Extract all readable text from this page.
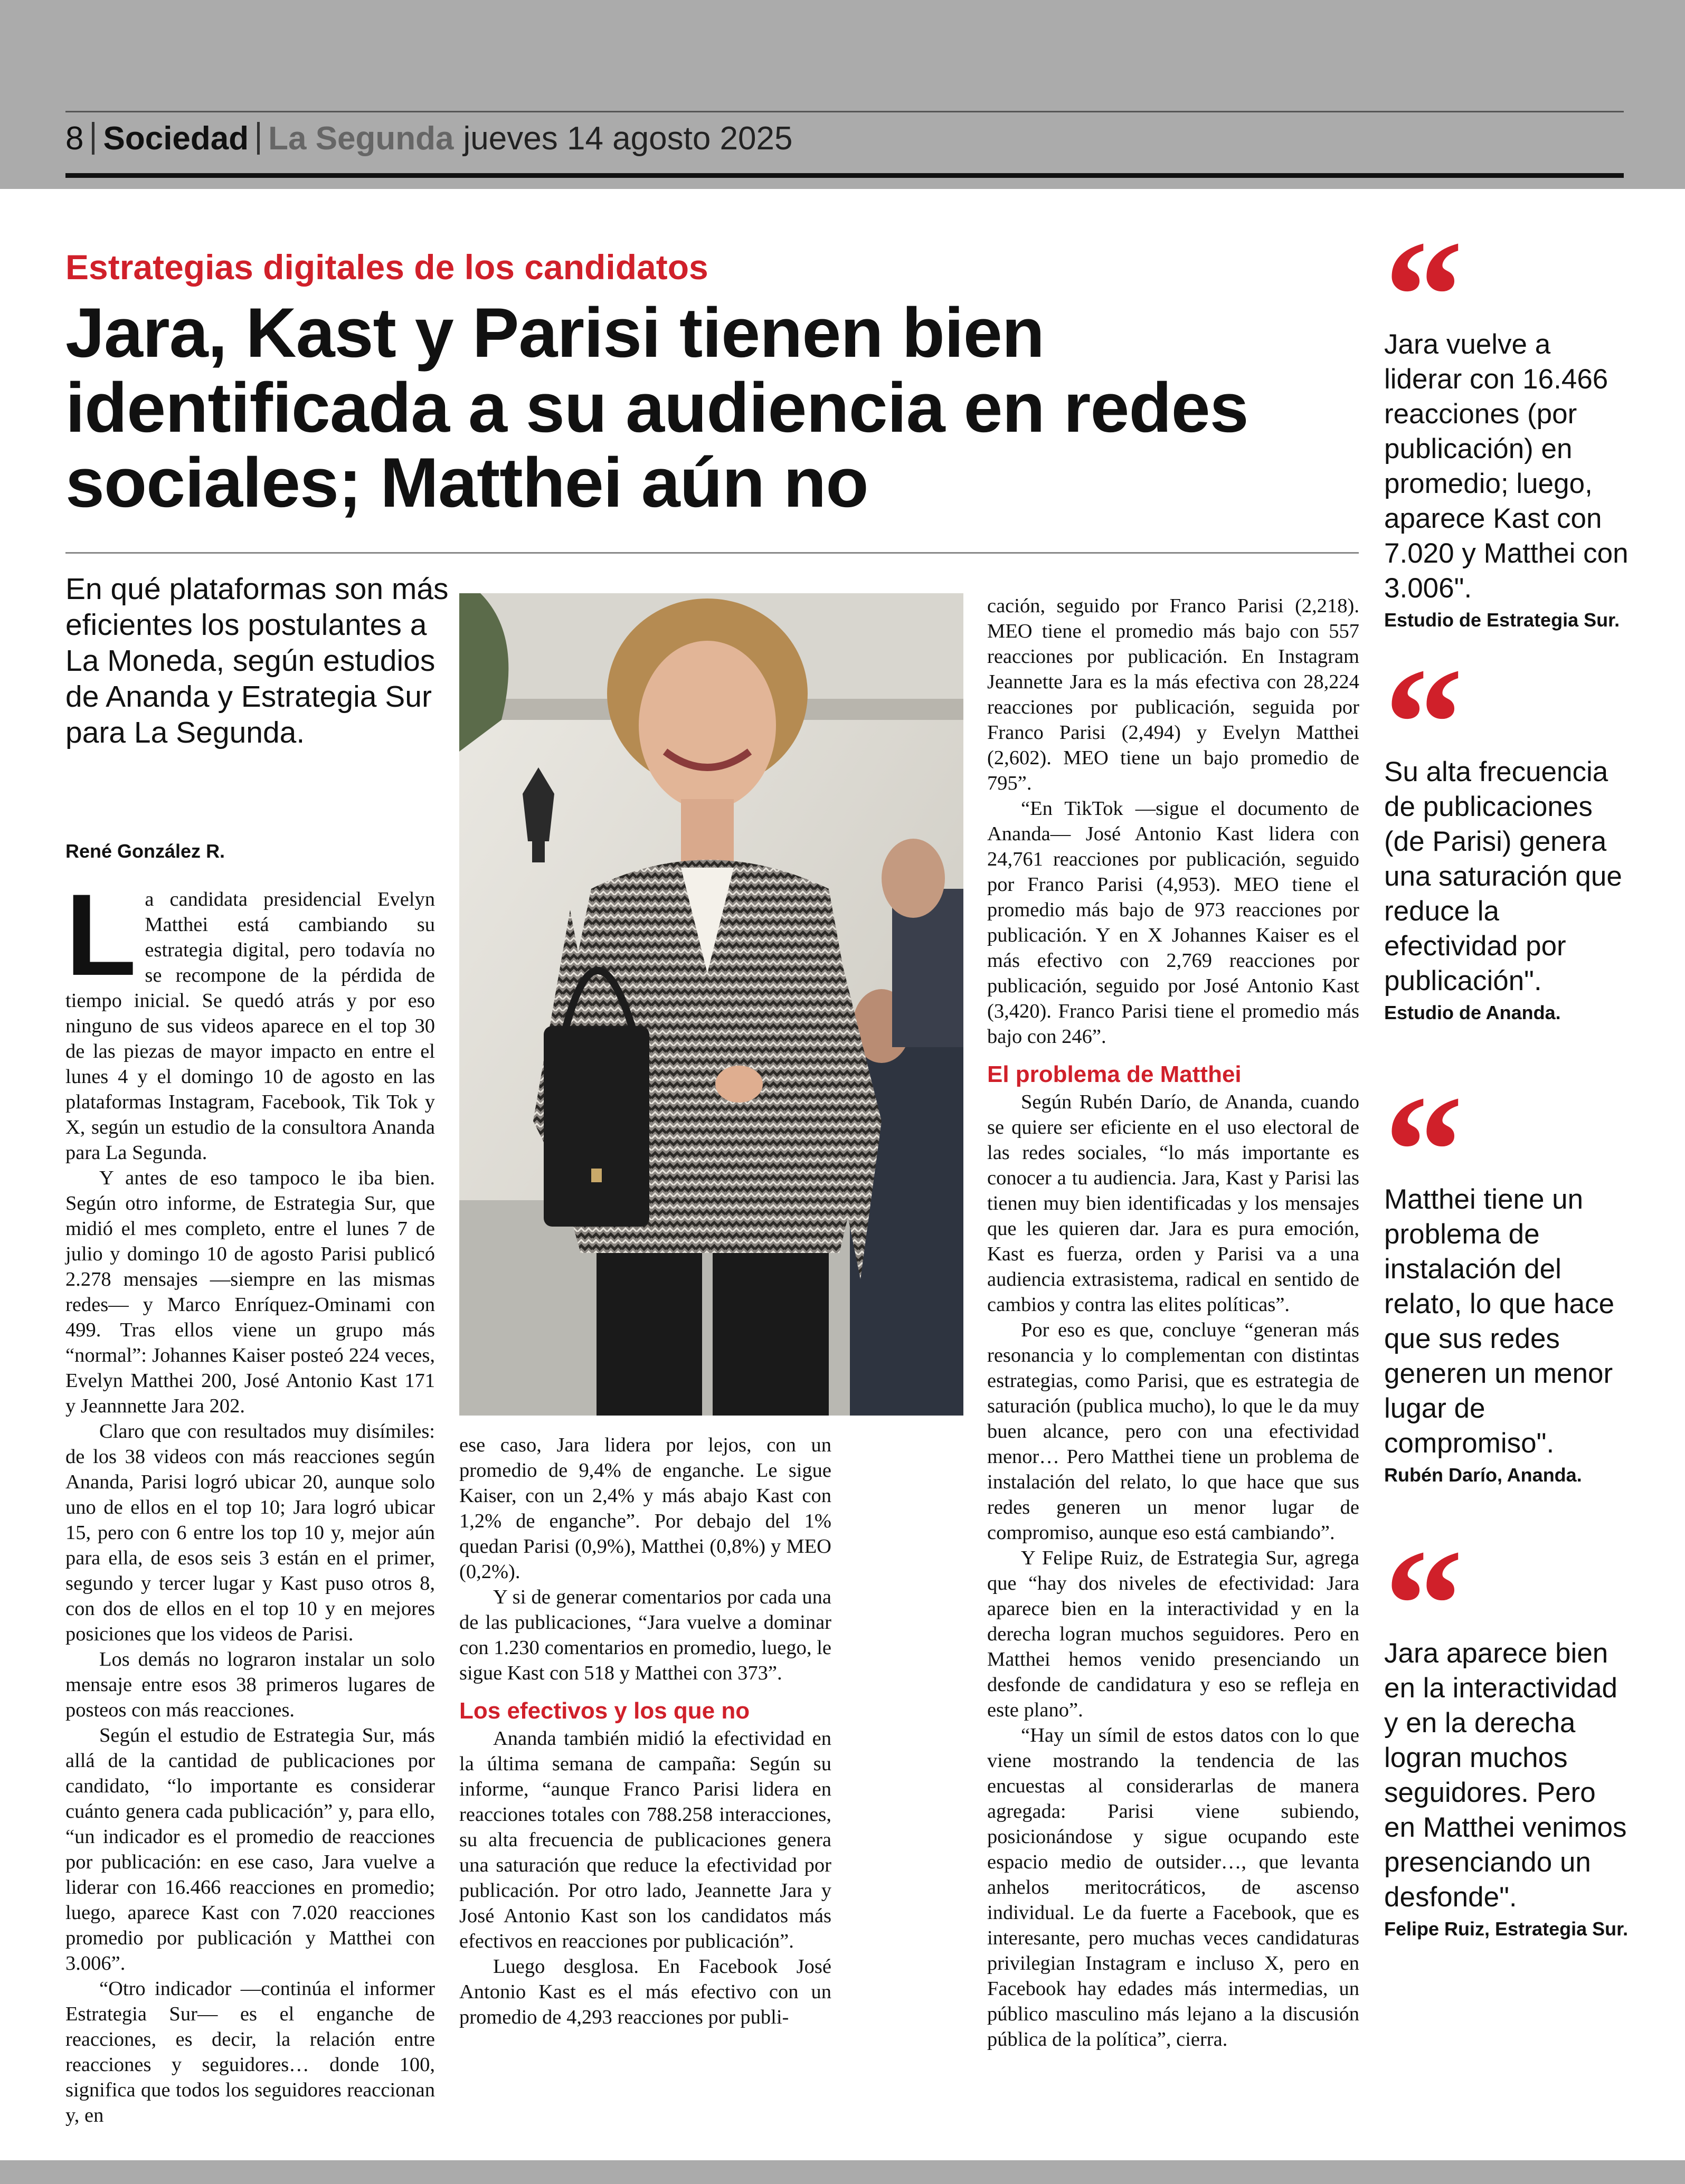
8 Sociedad La Segunda jueves 14 agosto 2025
Estrategias digitales de los candidatos
Jara, Kast y Parisi tienen bien identificada a su audiencia en redes sociales; Matthei aún no
En qué plataformas son más eficientes los postulantes a La Moneda, según estudios de Ananda y Estrategia Sur para La Segunda.
René González R.

La candidata presidencial Evelyn Matthei está cambiando su estrategia digital, pero todavía no se recompone de la pérdida de tiempo inicial. Se quedó atrás y por eso ninguno de sus videos aparece en el top 30 de las piezas de mayor impacto en entre el lunes 4 y el domingo 10 de agosto en las plataformas Instagram, Facebook, Tik Tok y X, según un estudio de la consultora Ananda para La Segunda.

Y antes de eso tampoco le iba bien. Según otro informe, de Estrategia Sur, que midió el mes completo, entre el lunes 7 de julio y domingo 10 de agosto Parisi publicó 2.278 mensajes —siempre en las mismas redes— y Marco Enríquez-Ominami con 499. Tras ellos viene un grupo más “normal”: Johannes Kaiser posteó 224 veces, Evelyn Matthei 200, José Antonio Kast 171 y Jeannnette Jara 202.

Claro que con resultados muy disímiles: de los 38 videos con más reacciones según Ananda, Parisi logró ubicar 20, aunque solo uno de ellos en el top 10; Jara logró ubicar 15, pero con 6 entre los top 10 y, mejor aún para ella, de esos seis 3 están en el primer, segundo y tercer lugar y Kast puso otros 8, con dos de ellos en el top 10 y en mejores posiciones que los videos de Parisi.

Los demás no lograron instalar un solo mensaje entre esos 38 primeros lugares de posteos con más reacciones.

Según el estudio de Estrategia Sur, más allá de la cantidad de publicaciones por candidato, “lo importante es considerar cuánto genera cada publicación” y, para ello, “un indicador es el promedio de reacciones por publicación: en ese caso, Jara vuelve a liderar con 16.466 reacciones en promedio; luego, aparece Kast con 7.020 reacciones promedio por publicación y Matthei con 3.006”.

“Otro indicador —continúa el informer Estrategia Sur— es el enganche de reacciones, es decir, la relación entre reacciones y seguidores… donde 100, significa que todos los seguidores reaccionan y, en

ese caso, Jara lidera por lejos, con un promedio de 9,4% de enganche. Le sigue Kaiser, con un 2,4% y más abajo Kast con 1,2% de enganche”. Por debajo del 1% quedan Parisi (0,9%), Matthei (0,8%) y MEO (0,2%).

Y si de generar comentarios por cada una de las publicaciones, “Jara vuelve a dominar con 1.230 comentarios en promedio, luego, le sigue Kast con 518 y Matthei con 373”.

Los efectivos y los que no

Ananda también midió la efectividad en la última semana de campaña: Según su informe, “aunque Franco Parisi lidera en reacciones totales con 788.258 interacciones, su alta frecuencia de publicaciones genera una saturación que reduce la efectividad por publicación. Por otro lado, Jeannette Jara y José Antonio Kast son los candidatos más efectivos en reacciones por publicación”.

Luego desglosa. En Facebook José Antonio Kast es el más efectivo con un promedio de 4,293 reacciones por publi-

cación, seguido por Franco Parisi (2,218). MEO tiene el promedio más bajo con 557 reacciones por publicación. En Instagram Jeannette Jara es la más efectiva con 28,224 reacciones por publicación, seguida por Franco Parisi (2,494) y Evelyn Matthei (2,602). MEO tiene un bajo promedio de 795”.

“En TikTok —sigue el documento de Ananda— José Antonio Kast lidera con 24,761 reacciones por publicación, seguido por Franco Parisi (4,953). MEO tiene el promedio más bajo de 973 reacciones por publicación. Y en X Johannes Kaiser es el más efectivo con 2,769 reacciones por publicación, seguido por José Antonio Kast (3,420). Franco Parisi tiene el promedio más bajo con 246”.

El problema de Matthei

Según Rubén Darío, de Ananda, cuando se quiere ser eficiente en el uso electoral de las redes sociales, “lo más importante es conocer a tu audiencia. Jara, Kast y Parisi las tienen muy bien identificadas y los mensajes que les quieren dar. Jara es pura emoción, Kast es fuerza, orden y Parisi va a una audiencia extrasistema, radical en sentido de cambios y contra las elites políticas”.

Por eso es que, concluye “generan más resonancia y lo complementan con distintas estrategias, como Parisi, que es estrategia de saturación (publica mucho), lo que le da muy buen alcance, pero con una efectividad menor… Pero Matthei tiene un problema de instalación del relato, lo que hace que sus redes generen un menor lugar de compromiso, aunque eso está cambiando”.

Y Felipe Ruiz, de Estrategia Sur, agrega que “hay dos niveles de efectividad: Jara aparece bien en la interactividad y en la derecha logran muchos seguidores. Pero en Matthei hemos venido presenciando un desfonde de candidatura y eso se refleja en este plano”.

“Hay un símil de estos datos con lo que viene mostrando la tendencia de las encuestas al considerarlas de manera agregada: Parisi viene subiendo, posicionándose y sigue ocupando este espacio medio de outsider…, que levanta anhelos meritocráticos, de ascenso individual. Le da fuerte a Facebook, que es interesante, pero muchas veces candidaturas privilegian Instagram e incluso X, pero en Facebook hay edades más intermedias, un público masculino más lejano a la discusión pública de la política”, cierra.

Jara vuelve a liderar con 16.466 reacciones (por publicación) en promedio; luego, aparece Kast con 7.020 y Matthei con 3.006".
Estudio de Estrategia Sur.
Su alta frecuencia de publicaciones (de Parisi) genera una saturación que reduce la efectividad por publicación".
Estudio de Ananda.
Matthei tiene un problema de instalación del relato, lo que hace que sus redes generen un menor lugar de compromiso".
Rubén Darío, Ananda.
Jara aparece bien en la interactividad y en la derecha logran muchos seguidores. Pero en Matthei venimos presenciando un desfonde".
Felipe Ruiz, Estrategia Sur.
